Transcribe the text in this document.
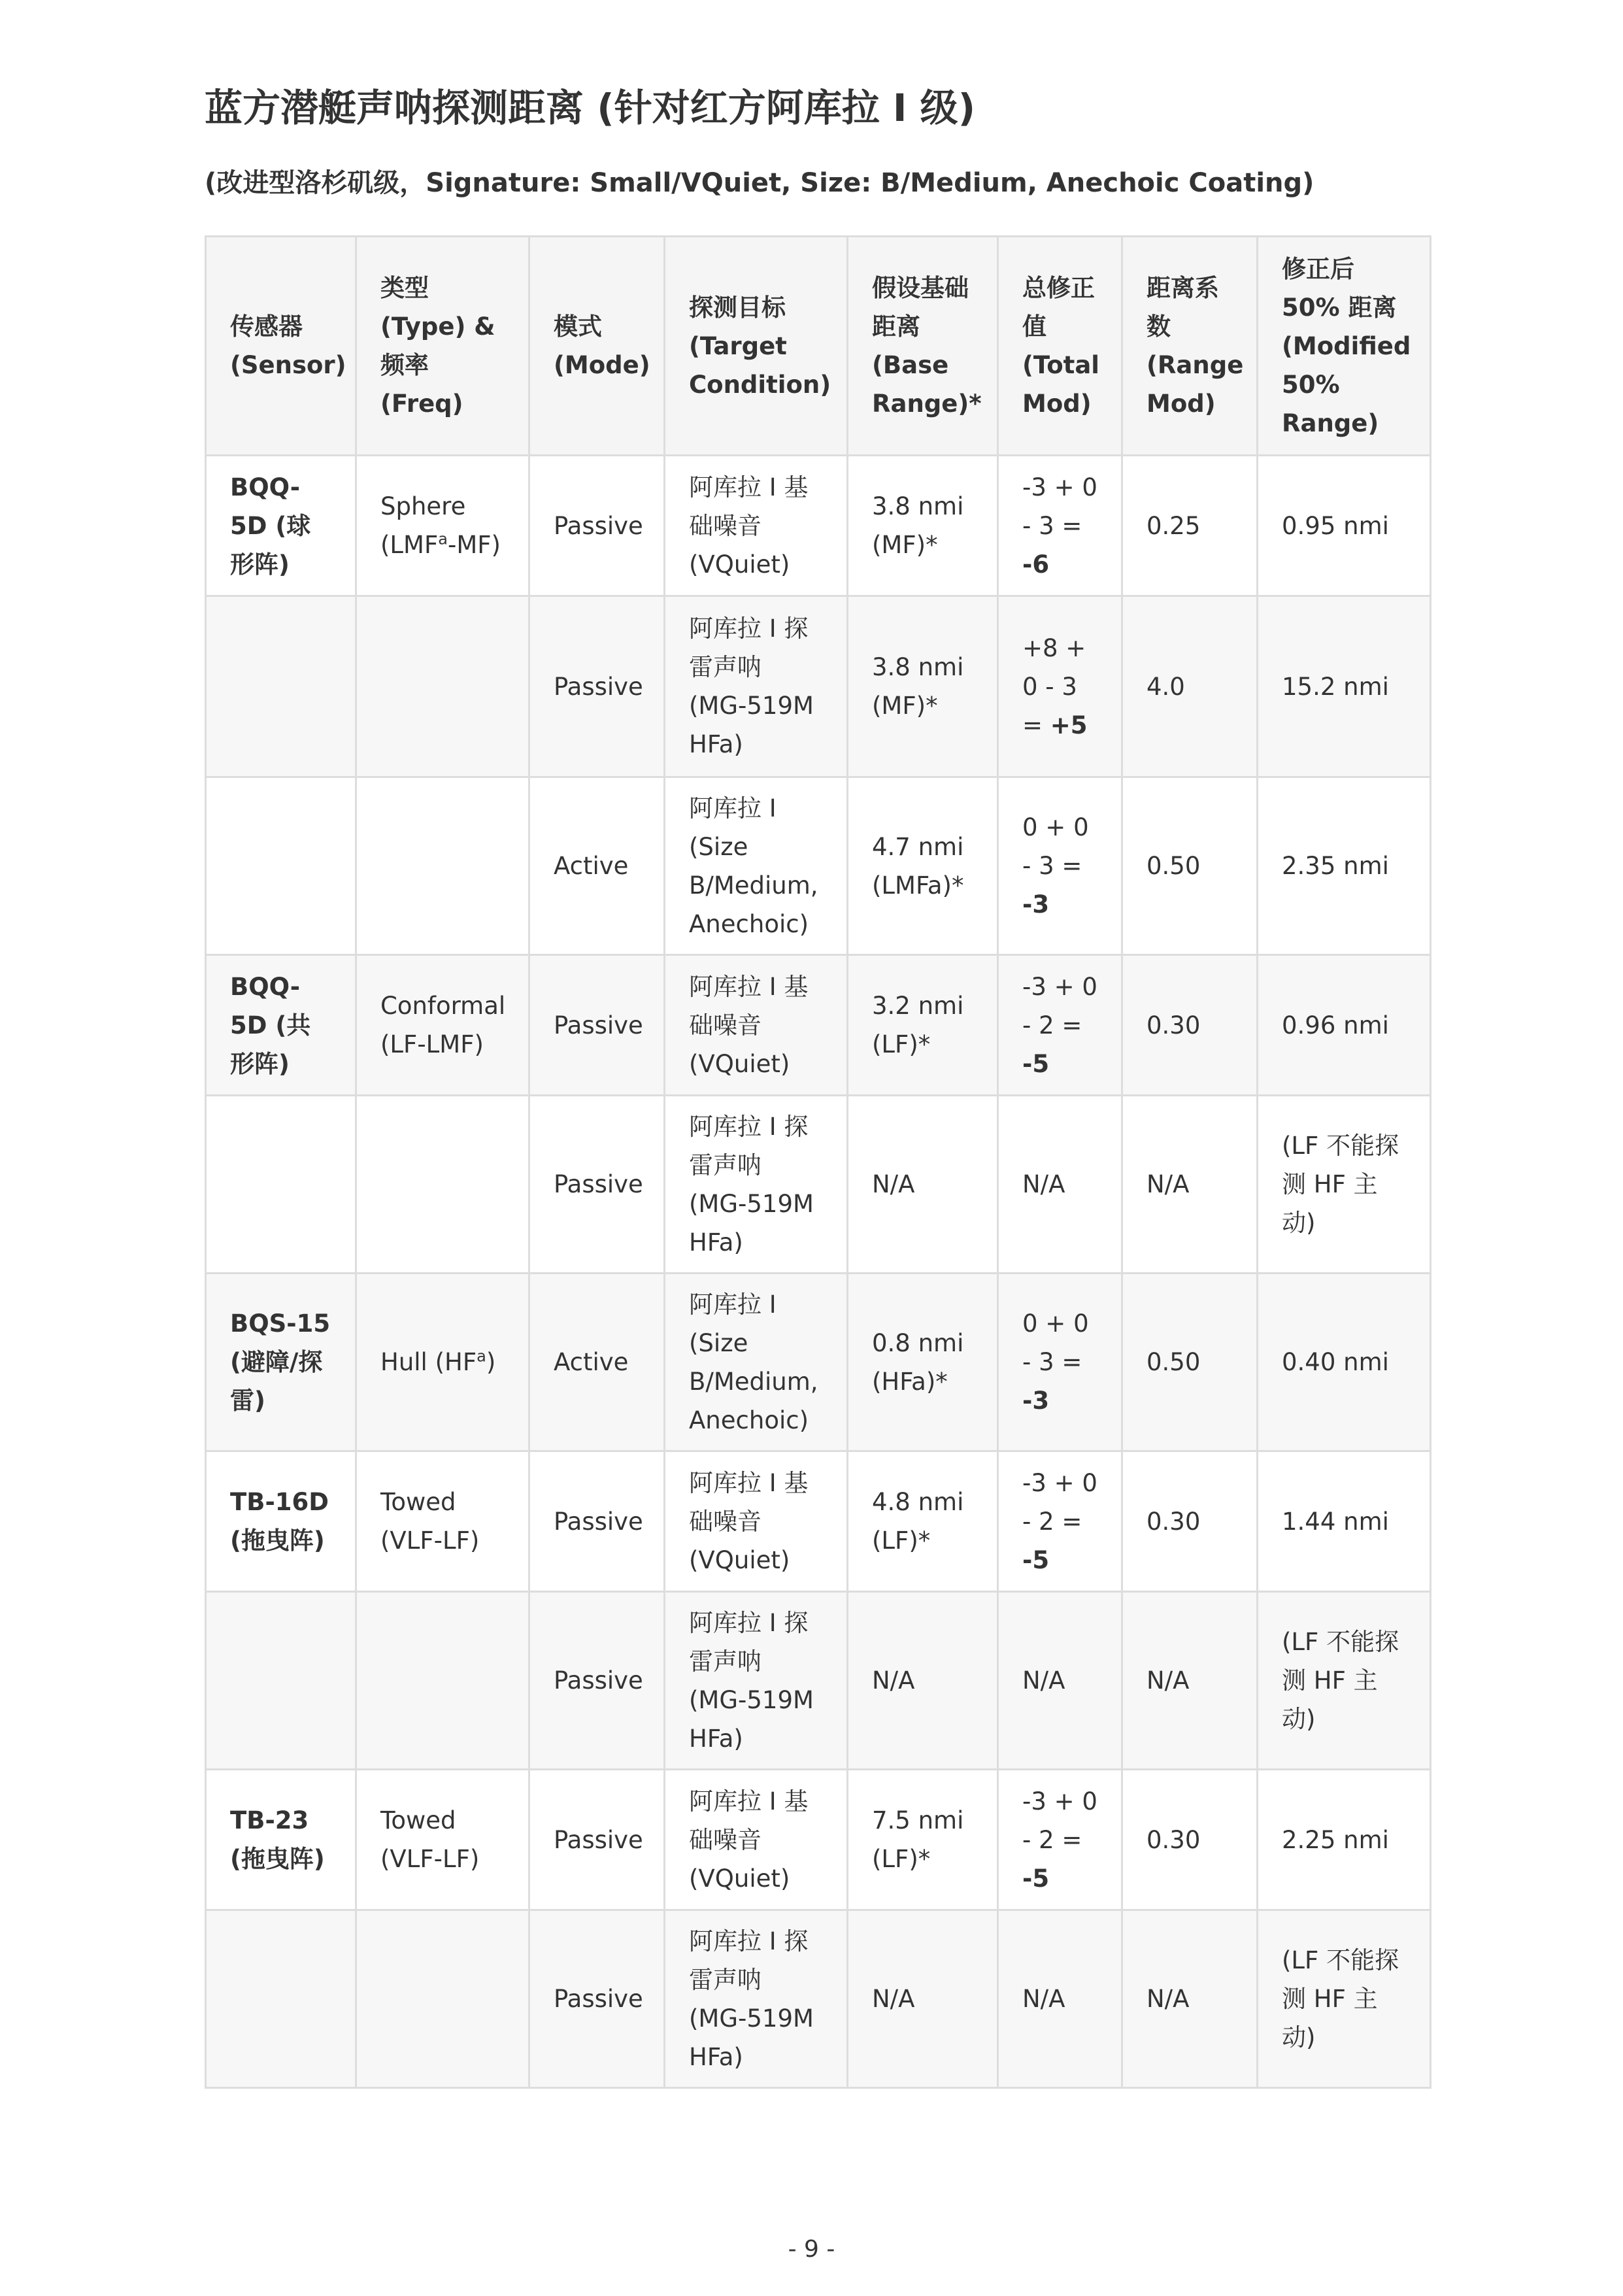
蓝方潜艇声呐探测距离 (针对红方阿库拉 I 级)
(改进型洛杉矶级，Signature: Small/VQuiet, Size: B/Medium, Anechoic Coating)
传感器 (Sensor)	类型 (Type) & 频率 (Freq)	模式 (Mode)	探测目标 (Target Condition)	假设基础距离 (Base Range)*	总修正值 (Total Mod)	距离系数 (Range Mod)	修正后 50% 距离 (Modified 50% Range)
BQQ-5D (球形阵)	Sphere (LMF$^a$-MF)	Passive	阿库拉 I 基础噪音 (VQuiet)	3.8 nmi (MF)*	-3 + 0 - 3 = -6	0.25	0.95 nmi
		Passive	阿库拉 I 探雷声呐 (MG-519M HFa)	3.8 nmi (MF)*	+8 + 0 - 3 = +5	4.0	15.2 nmi
		Active	阿库拉 I (Size B/Medium, Anechoic)	4.7 nmi (LMFa)*	0 + 0 - 3 = -3	0.50	2.35 nmi
BQQ-5D (共形阵)	Conformal (LF-LMF)	Passive	阿库拉 I 基础噪音 (VQuiet)	3.2 nmi (LF)*	-3 + 0 - 2 = -5	0.30	0.96 nmi
		Passive	阿库拉 I 探雷声呐 (MG-519M HFa)	N/A	N/A	N/A	(LF 不能探测 HF 主动)
BQS-15 (避障/探雷)	Hull $(HF^a)$	Active	阿库拉 I (Size B/Medium, Anechoic)	0.8 nmi (HFa)*	0 + 0 - 3 = -3	0.50	0.40 nmi
TB-16D (拖曳阵)	Towed (VLF-LF)	Passive	阿库拉 I 基础噪音 (VQuiet)	4.8 nmi (LF)*	-3 + 0 - 2 = -5	0.30	1.44 nmi
		Passive	阿库拉 I 探雷声呐 (MG-519M HFa)	N/A	N/A	N/A	(LF 不能探测 HF 主动)
TB-23 (拖曳阵)	Towed (VLF-LF)	Passive	阿库拉 I 基础噪音 (VQuiet)	7.5 nmi (LF)*	-3 + 0 - 2 = -5	0.30	2.25 nmi
		Passive	阿库拉 I 探雷声呐 (MG-519M HFa)	N/A	N/A	N/A	(LF 不能探测 HF 主动)
- 9 -
